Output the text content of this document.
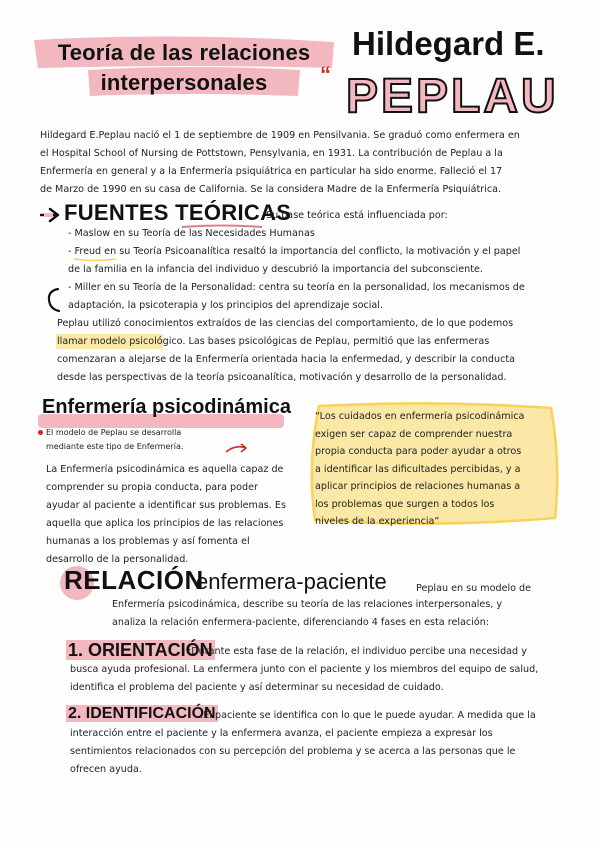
Teoría de las relaciones
interpersonales	“
Hildegard E.
PEPLAU
Hildegard E.Peplau nació el 1 de septiembre de 1909 en Pensilvania. Se graduó como enfermera en
el Hospital School of Nursing de Pottstown, Pensylvania, en 1931. La contribución de Peplau a la
Enfermería en general y a la Enfermería psiquiátrica en particular ha sido enorme. Falleció el 17
de Marzo de 1990 en su casa de California. Se la considera Madre de la Enfermería Psiquiátrica.
FUENTES TEÓRICAS
Su base teórica está influenciada por:
- Maslow en su Teoría de las Necesidades Humanas
- Freud en su Teoría Psicoanalítica resaltó la importancia del conflicto, la motivación y el papel
de la familia en la infancia del individuo y descubrió la importancia del subconsciente.
- Miller en su Teoría de la Personalidad: centra su teoría en la personalidad, los mecanismos de
adaptación, la psicoterapia y los principios del aprendizaje social.
Peplau utilizó conocimientos extraídos de las ciencias del comportamiento, de lo que podemos
llamar modelo psicológico. Las bases psicológicas de Peplau, permitió que las enfermeras
comenzaran a alejarse de la Enfermería orientada hacia la enfermedad, y describir la conducta
desde las perspectivas de la teoría psicoanalítica, motivación y desarrollo de la personalidad.
Enfermería psicodinámica
El modelo de Peplau se desarrolla
mediante este tipo de Enfermería.
La Enfermería psicodinámica es aquella capaz de
comprender su propia conducta, para poder
ayudar al paciente a identificar sus problemas. Es
aquella que aplica los principios de las relaciones
humanas a los problemas y así fomenta el
desarrollo de la personalidad.
“Los cuidados en enfermería psicodinámica
exigen ser capaz de comprender nuestra
propia conducta para poder ayudar a otros
a identificar las dificultades percibidas, y a
aplicar principios de relaciones humanas a
los problemas que surgen a todos los
niveles de la experiencia”
RELACIÓN
enfermera-paciente	Peplau en su modelo de
Enfermería psicodinámica, describe su teoría de las relaciones interpersonales, y
analiza la relación enfermera-paciente, diferenciando 4 fases en esta relación:
1. ORIENTACIÓN
:Durante esta fase de la relación, el individuo percibe una necesidad y
busca ayuda profesional. La enfermera junto con el paciente y los miembros del equipo de salud,
identifica el problema del paciente y así determinar su necesidad de cuidado.
2. IDENTIFICACIÓN
:El paciente se identifica con lo que le puede ayudar. A medida que la
interacción entre el paciente y la enfermera avanza, el paciente empieza a expresar los
sentimientos relacionados con su percepción del problema y se acerca a las personas que le
ofrecen ayuda.
